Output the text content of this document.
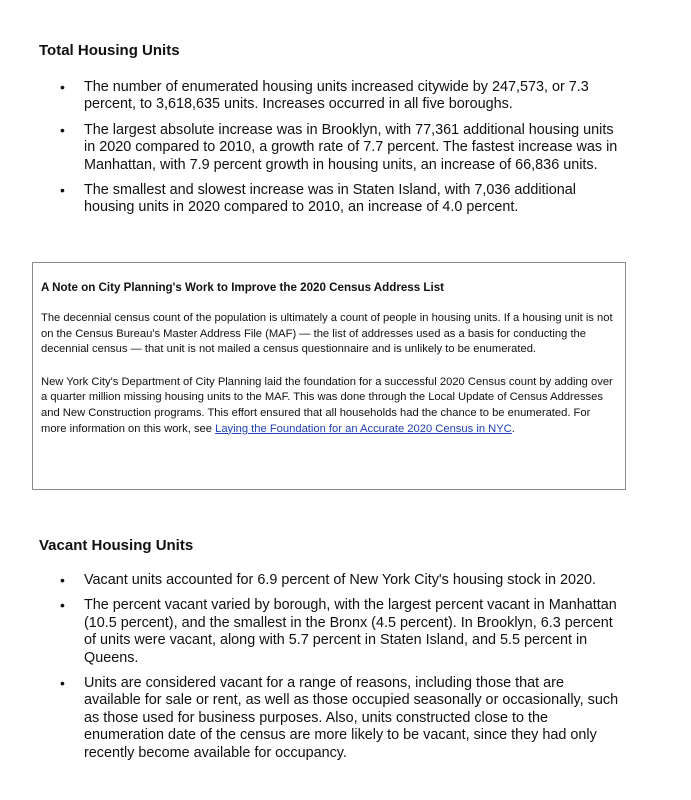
Total Housing Units
• The number of enumerated housing units increased citywide by 247,573, or 7.3 percent, to 3,618,635 units. Increases occurred in all five boroughs.
• The largest absolute increase was in Brooklyn, with 77,361 additional housing units in 2020 compared to 2010, a growth rate of 7.7 percent. The fastest increase was in Manhattan, with 7.9 percent growth in housing units, an increase of 66,836 units.
• The smallest and slowest increase was in Staten Island, with 7,036 additional housing units in 2020 compared to 2010, an increase of 4.0 percent.

A Note on City Planning's Work to Improve the 2020 Census Address List

The decennial census count of the population is ultimately a count of people in housing units. If a housing unit is not on the Census Bureau's Master Address File (MAF) — the list of addresses used as a basis for conducting the decennial census — that unit is not mailed a census questionnaire and is unlikely to be enumerated.

New York City's Department of City Planning laid the foundation for a successful 2020 Census count by adding over a quarter million missing housing units to the MAF. This was done through the Local Update of Census Addresses and New Construction programs. This effort ensured that all households had the chance to be enumerated. For more information on this work, see Laying the Foundation for an Accurate 2020 Census in NYC.

Vacant Housing Units
• Vacant units accounted for 6.9 percent of New York City's housing stock in 2020.
• The percent vacant varied by borough, with the largest percent vacant in Manhattan (10.5 percent), and the smallest in the Bronx (4.5 percent). In Brooklyn, 6.3 percent of units were vacant, along with 5.7 percent in Staten Island, and 5.5 percent in Queens.
• Units are considered vacant for a range of reasons, including those that are available for sale or rent, as well as those occupied seasonally or occasionally, such as those used for business purposes. Also, units constructed close to the enumeration date of the census are more likely to be vacant, since they had only recently become available for occupancy.
